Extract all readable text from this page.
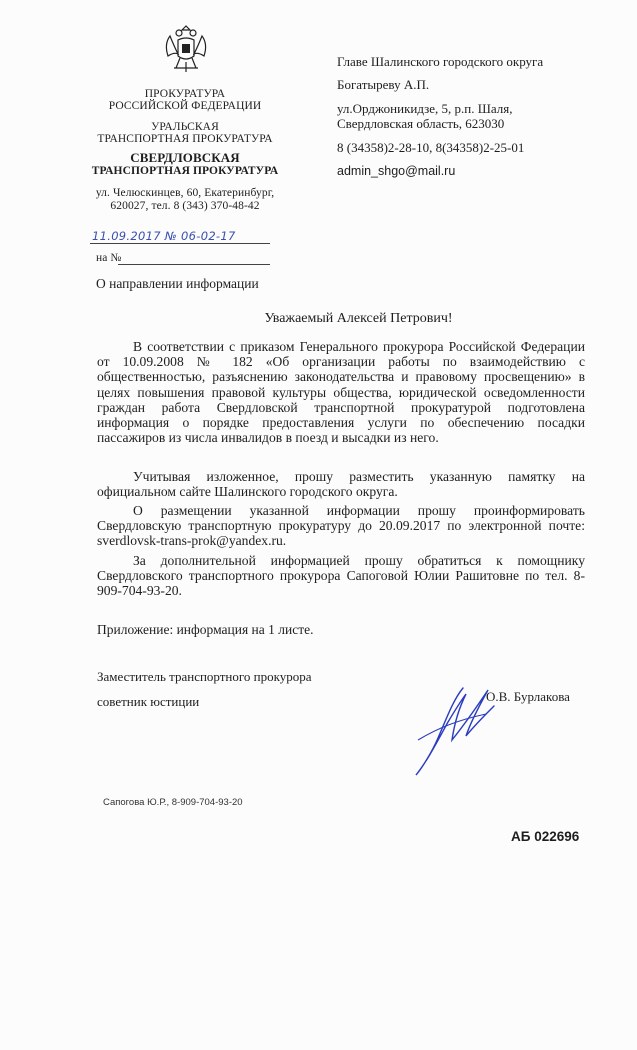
ПРОКУРАТУРА
РОССИЙСКОЙ ФЕДЕРАЦИИ
УРАЛЬСКАЯ
ТРАНСПОРТНАЯ ПРОКУРАТУРА
СВЕРДЛОВСКАЯ
ТРАНСПОРТНАЯ ПРОКУРАТУРА
ул. Челюскинцев, 60, Екатеринбург,
620027, тел. 8 (343) 370-48-42
11.09.2017 № 06-02-17
на №
Главе Шалинского городского округа
Богатыреву А.П.
ул.Орджоникидзе, 5, р.п. Шаля,
Свердловская область, 623030
8 (34358)2-28-10, 8(34358)2-25-01
admin_shgo@mail.ru
О направлении информации
Уважаемый Алексей Петрович!
В соответствии с приказом Генерального прокурора Российской Федерации от 10.09.2008 № 182 «Об организации работы по взаимодействию с общественностью, разъяснению законодательства и правовому просвещению» в целях повышения правовой культуры общества, юридической осведомленности граждан работа Свердловской транспортной прокуратурой подготовлена информация о порядке предоставления услуги по обеспечению посадки пассажиров из числа инвалидов в поезд и высадки из него.
Учитывая изложенное, прошу разместить указанную памятку на официальном сайте Шалинского городского округа.
О размещении указанной информации прошу проинформировать Свердловскую транспортную прокуратуру до 20.09.2017 по электронной почте: sverdlovsk-trans-prok@yandex.ru.
За дополнительной информацией прошу обратиться к помощнику Свердловского транспортного прокурора Сапоговой Юлии Рашитовне по тел. 8-909-704-93-20.
Приложение: информация на 1 листе.
Заместитель транспортного прокурора
советник юстиции	О.В. Бурлакова
Сапогова Ю.Р., 8-909-704-93-20
АБ 022696
